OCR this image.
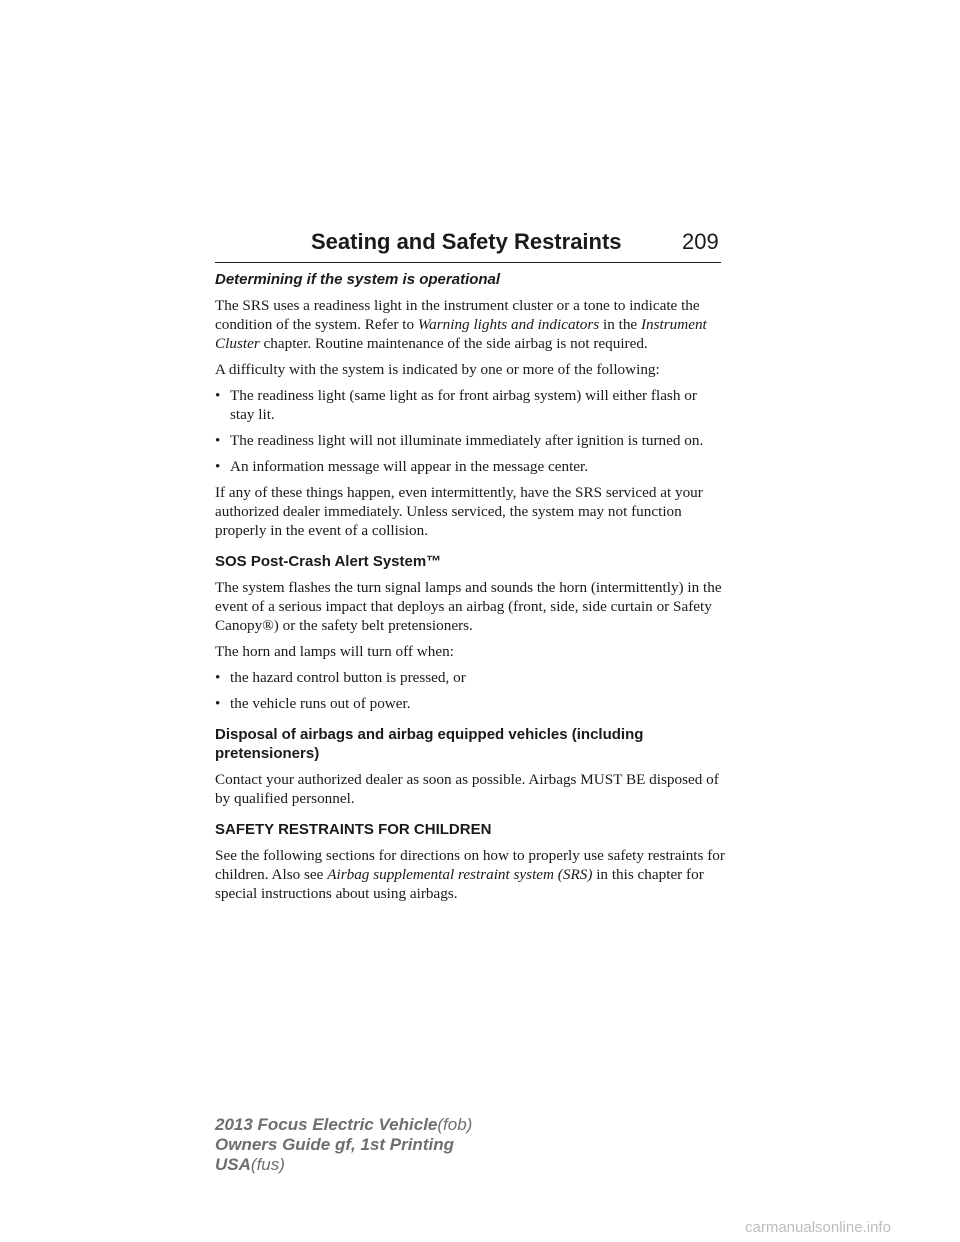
Seating and Safety Restraints	209
Determining if the system is operational

The SRS uses a readiness light in the instrument cluster or a tone to indicate the condition of the system. Refer to Warning lights and indicators in the Instrument Cluster chapter. Routine maintenance of the side airbag is not required.

A difficulty with the system is indicated by one or more of the following:

• The readiness light (same light as for front airbag system) will either flash or stay lit.
• The readiness light will not illuminate immediately after ignition is turned on.
• An information message will appear in the message center.

If any of these things happen, even intermittently, have the SRS serviced at your authorized dealer immediately. Unless serviced, the system may not function properly in the event of a collision.

SOS Post-Crash Alert System™

The system flashes the turn signal lamps and sounds the horn (intermittently) in the event of a serious impact that deploys an airbag (front, side, side curtain or Safety Canopy®) or the safety belt pretensioners.

The horn and lamps will turn off when:

• the hazard control button is pressed, or
• the vehicle runs out of power.
Disposal of airbags and airbag equipped vehicles (including pretensioners)

Contact your authorized dealer as soon as possible. Airbags MUST BE disposed of by qualified personnel.

SAFETY RESTRAINTS FOR CHILDREN

See the following sections for directions on how to properly use safety restraints for children. Also see Airbag supplemental restraint system (SRS) in this chapter for special instructions about using airbags.

2013 Focus Electric Vehicle(fob)
Owners Guide gf, 1st Printing
USA(fus)
carmanualsonline.info
